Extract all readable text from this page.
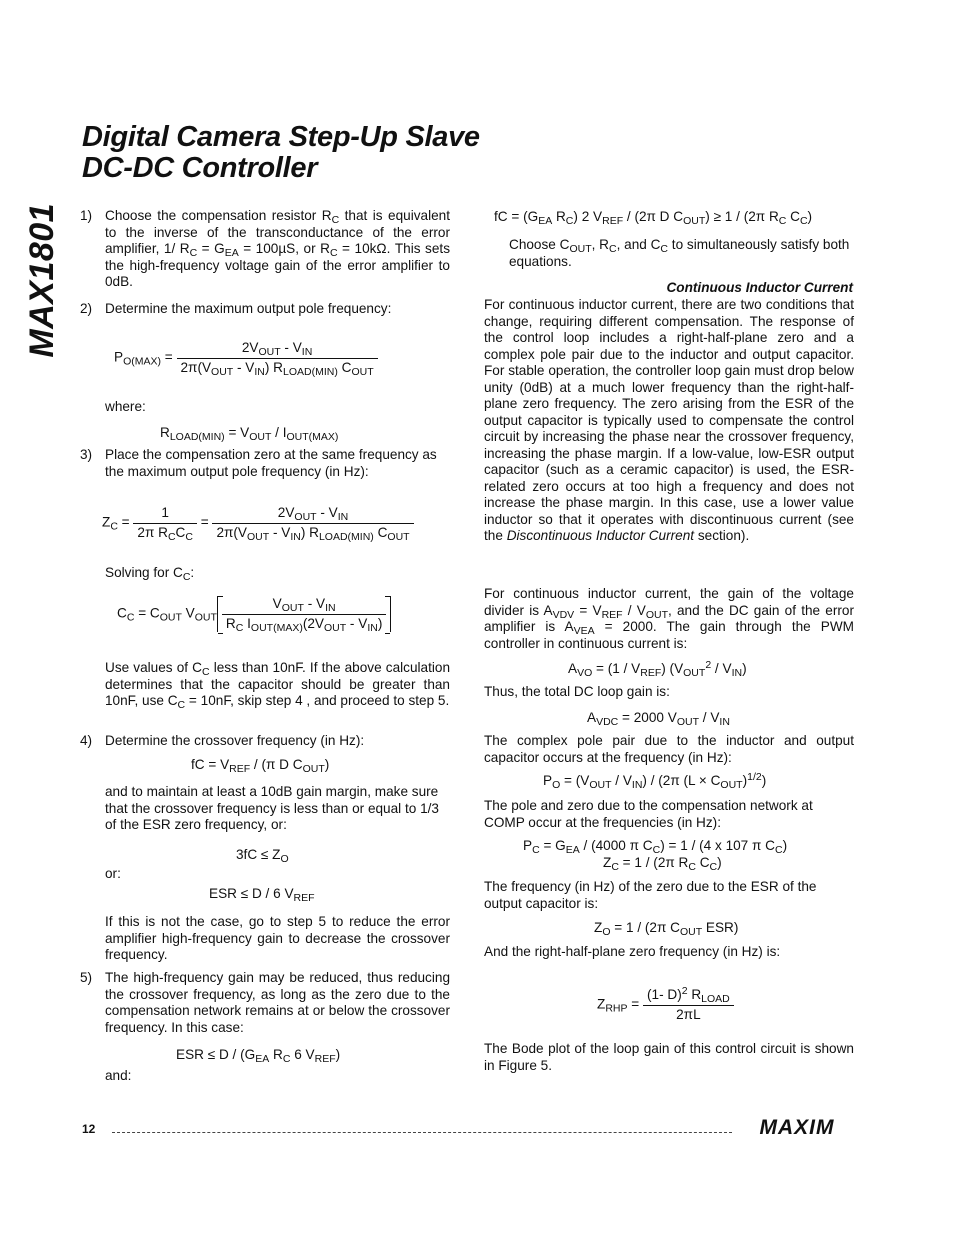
Digital Camera Step-Up Slave
DC-DC Controller
MAX1801 1) Choose the compensation resistor $R_C$ that is equivalent to the inverse of the transconductance of the error amplifier, 1/ $R_C = G_{EA} = 100\mu S$, or $R_C = 10k\Omega$. This sets the high-frequency voltage gain of the error amplifier to 0dB.

2) Determine the maximum output pole frequency:

$P_{O(MAX)} = \frac{2V_{OUT} - V_{IN}}{2\pi(V_{OUT} - V_{IN}) R_{LOAD(MIN)} C_{OUT}}$

where:

$R_{LOAD(MIN)} = V_{OUT} / I_{OUT(MAX)}$
3) Place the compensation zero at the same frequency as the maximum output pole frequency (in Hz):

$Z_C = \frac{1}{2\pi R_CC_C} = \frac{2V_{OUT} - V_{IN}}{2\pi(V_{OUT} - V_{IN}) R_{LOAD(MIN)} C_{OUT}}$

Solving for $C_C$:

$C_C = C_{OUT}$ $V_{OUT} \frac{V_{OUT} - V_{IN}}{R_C I_{OUT(MAX)}(2V_{OUT} - V_{IN})}$

Use values of $C_C$ less than 10nF. If the above calculation determines that the capacitor should be greater than 10nF, use $C_C = 10nF$, skip step 4 , and proceed to step 5.

4) Determine the crossover frequency (in Hz):

fC = $V_{REF} / (\pi$ D $C_{OUT}$)

and to maintain at least a 10dB gain margin, make sure that the crossover frequency is less than or equal to 1/3 of the ESR zero frequency, or:

$3fC \le Z_O$

or:

ESR ≤ D / 6 $V_{REF}$

If this is not the case, go to step 5 to reduce the error amplifier high-frequency gain to decrease the crossover frequency.

5) The high-frequency gain may be reduced, thus reducing the crossover frequency, as long as the zero due to the compensation network remains at or below the crossover frequency. In this case:

ESR ≤ D / ($G_{EA}$ $R_C$ 6 $V_{REF}$)

and:

fC = ($G_{EA}$ $R_C$) 2 $V_{REF} / (2\pi$ D $C_{OUT}) \ge 1 / (2\pi$ $R_C$ $C_C$)

Choose $C_{OUT}$, $R_C$, and $C_C$ to simultaneously satisfy both equations.

Continuous Inductor Current

For continuous inductor current, there are two conditions that change, requiring different compensation. The response of the control loop includes a right-half-plane zero and a complex pole pair due to the inductor and output capacitor. For stable operation, the controller loop gain must drop below unity (0dB) at a much lower frequency than the right-half-plane zero frequency. The zero arising from the ESR of the output capacitor is typically used to compensate the control circuit by increasing the phase near the crossover frequency, increasing the phase margin. If a low-value, low-ESR output capacitor (such as a ceramic capacitor) is used, the ESR-related zero occurs at too high a frequency and does not increase the phase margin. In this case, use a lower value inductor so that it operates with discontinuous current (see the Discontinuous Inductor Current section).

For continuous inductor current, the gain of the voltage divider is $A_{VDV} = V_{REF} / V_{OUT}$, and the DC gain of the error amplifier is $A_{VEA} = 2000$. The gain through the PWM controller in continuous current is:

$A_{VO} = (1 / V_{REF})$ $(V_{OUT}^2 / V_{IN})$

Thus, the total DC loop gain is:

$A_{VDC} = 2000$ $V_{OUT} / V_{IN}$

The complex pole pair due to the inductor and output capacitor occurs at the frequency (in Hz):

$P_O = (V_{OUT} / V_{IN}) / (2\pi$ $(L \times C_{OUT})^{1/2}$)

The pole and zero due to the compensation network at COMP occur at the frequencies (in Hz):

$P_C = G_{EA} / (4000$ π $C_C) = 1 / (4$ x 107 π $C_C$)
$Z_C = 1 / (2\pi$ $R_C$ $C_C$)

The frequency (in Hz) of the zero due to the ESR of the output capacitor is:

$Z_O = 1 / (2\pi$ $C_{OUT}$ ESR)

And the right-half-plane zero frequency (in Hz) is:

$Z_{RHP} = \frac{(1- D)^2 R_{LOAD}}{2\pi L}$

The Bode plot of the loop gain of this control circuit is shown in Figure 5.

12	MAXIM
